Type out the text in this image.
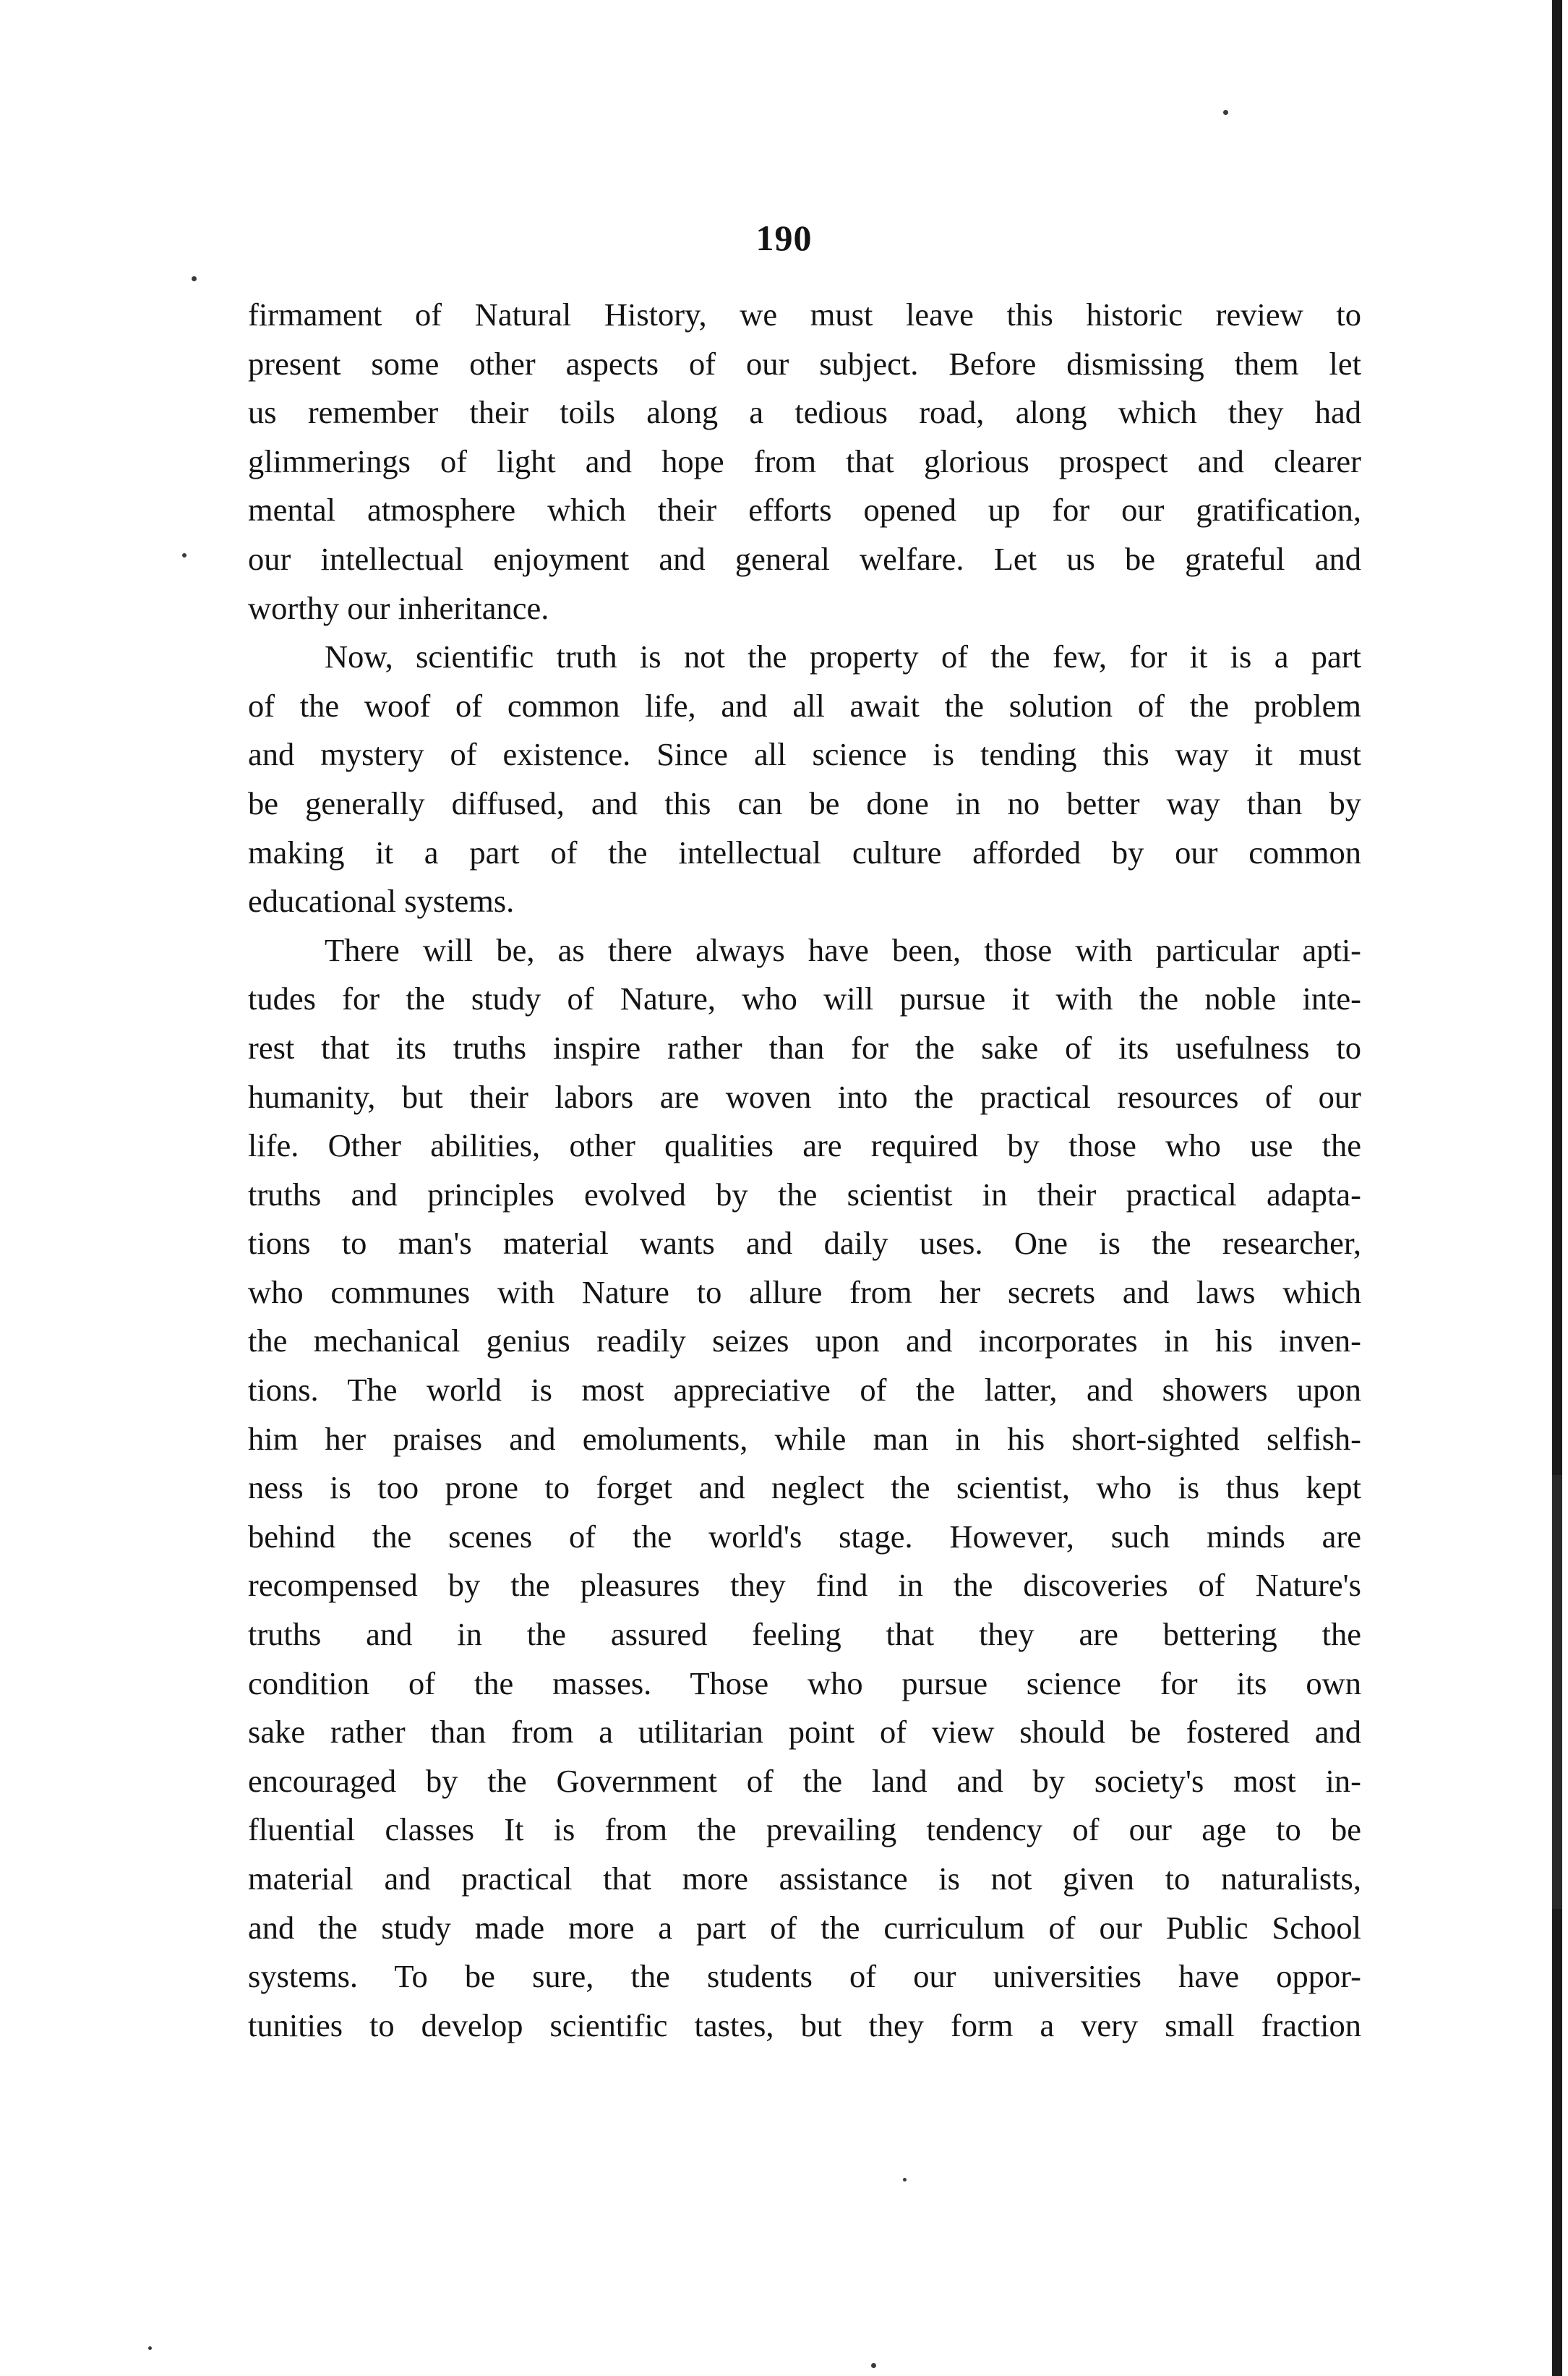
190
firmament of Natural History, we must leave this historic review to
present some other aspects of our subject. Before dismissing them let
us remember their toils along a tedious road, along which they had
glimmerings of light and hope from that glorious prospect and clearer
mental atmosphere which their efforts opened up for our gratification,
our intellectual enjoyment and general welfare. Let us be grateful and
worthy our inheritance.
Now, scientific truth is not the property of the few, for it is a part
of the woof of common life, and all await the solution of the problem
and mystery of existence. Since all science is tending this way it must
be generally diffused, and this can be done in no better way than by
making it a part of the intellectual culture afforded by our common
educational systems.
There will be, as there always have been, those with particular apti-
tudes for the study of Nature, who will pursue it with the noble inte-
rest that its truths inspire rather than for the sake of its usefulness to
humanity, but their labors are woven into the practical resources of our
life. Other abilities, other qualities are required by those who use the
truths and principles evolved by the scientist in their practical adapta-
tions to man's material wants and daily uses. One is the researcher,
who communes with Nature to allure from her secrets and laws which
the mechanical genius readily seizes upon and incorporates in his inven-
tions. The world is most appreciative of the latter, and showers upon
him her praises and emoluments, while man in his short-sighted selfish-
ness is too prone to forget and neglect the scientist, who is thus kept
behind the scenes of the world's stage. However, such minds are
recompensed by the pleasures they find in the discoveries of Nature's
truths and in the assured feeling that they are bettering the
condition of the masses. Those who pursue science for its own
sake rather than from a utilitarian point of view should be fostered and
encouraged by the Government of the land and by society's most in-
fluential classes It is from the prevailing tendency of our age to be
material and practical that more assistance is not given to naturalists,
and the study made more a part of the curriculum of our Public School
systems. To be sure, the students of our universities have oppor-
tunities to develop scientific tastes, but they form a very small fraction
